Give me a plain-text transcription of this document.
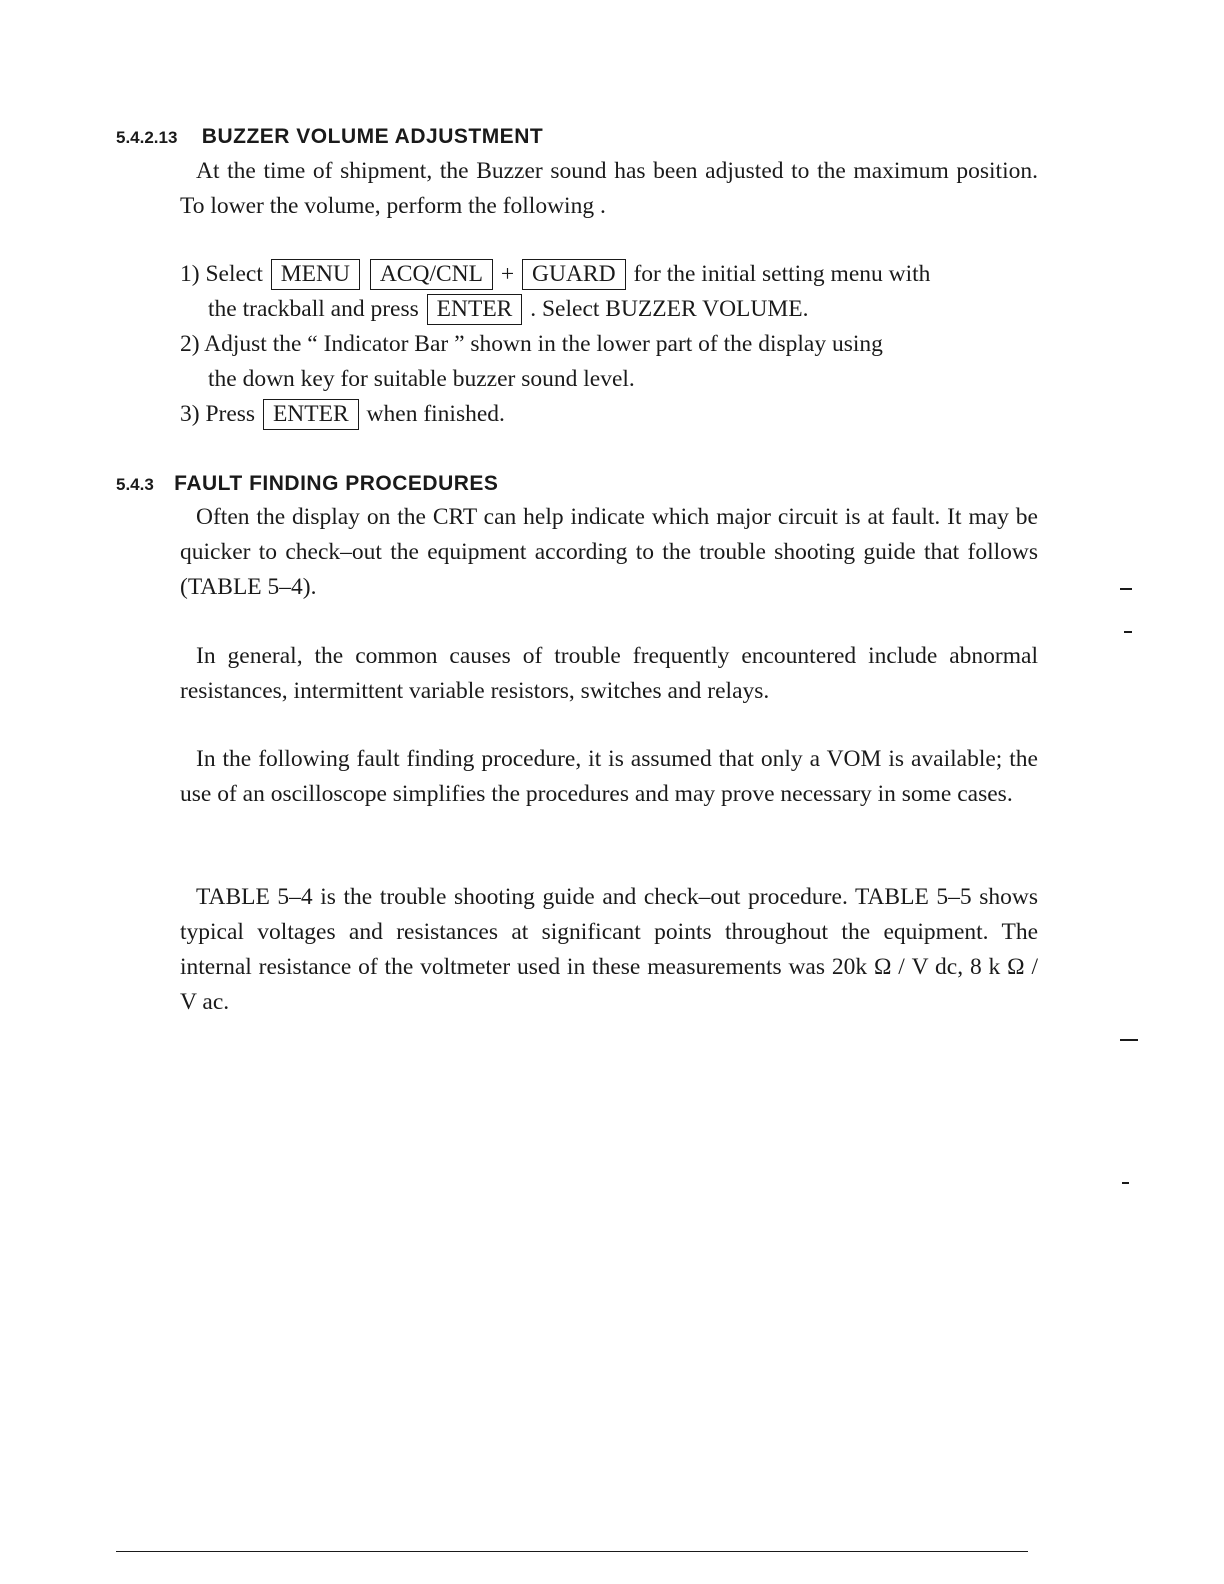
5.4.2.13 BUZZER VOLUME ADJUSTMENT
At the time of shipment, the Buzzer sound has been adjusted to the maximum position. To lower the volume, perform the following .
1) Select MENU ACQ/CNL + GUARD for the initial setting menu with
the trackball and press ENTER . Select BUZZER VOLUME.
2) Adjust the “ Indicator Bar ” shown in the lower part of the display using
the down key for suitable buzzer sound level.
3) Press ENTER when finished.
5.4.3 FAULT FINDING PROCEDURES
Often the display on the CRT can help indicate which major circuit is at fault. It may be quicker to check–out the equipment according to the trouble shooting guide that follows (TABLE 5–4).
In general, the common causes of trouble frequently encountered include abnormal resistances, intermittent variable resistors, switches and relays.
In the following fault finding procedure, it is assumed that only a VOM is available; the use of an oscilloscope simplifies the procedures and may prove necessary in some cases.
TABLE 5–4 is the trouble shooting guide and check–out procedure. TABLE 5–5 shows typical voltages and resistances at significant points throughout the equipment. The internal resistance of the voltmeter used in these measurements was 20k Ω / V dc, 8 k Ω / V ac.
